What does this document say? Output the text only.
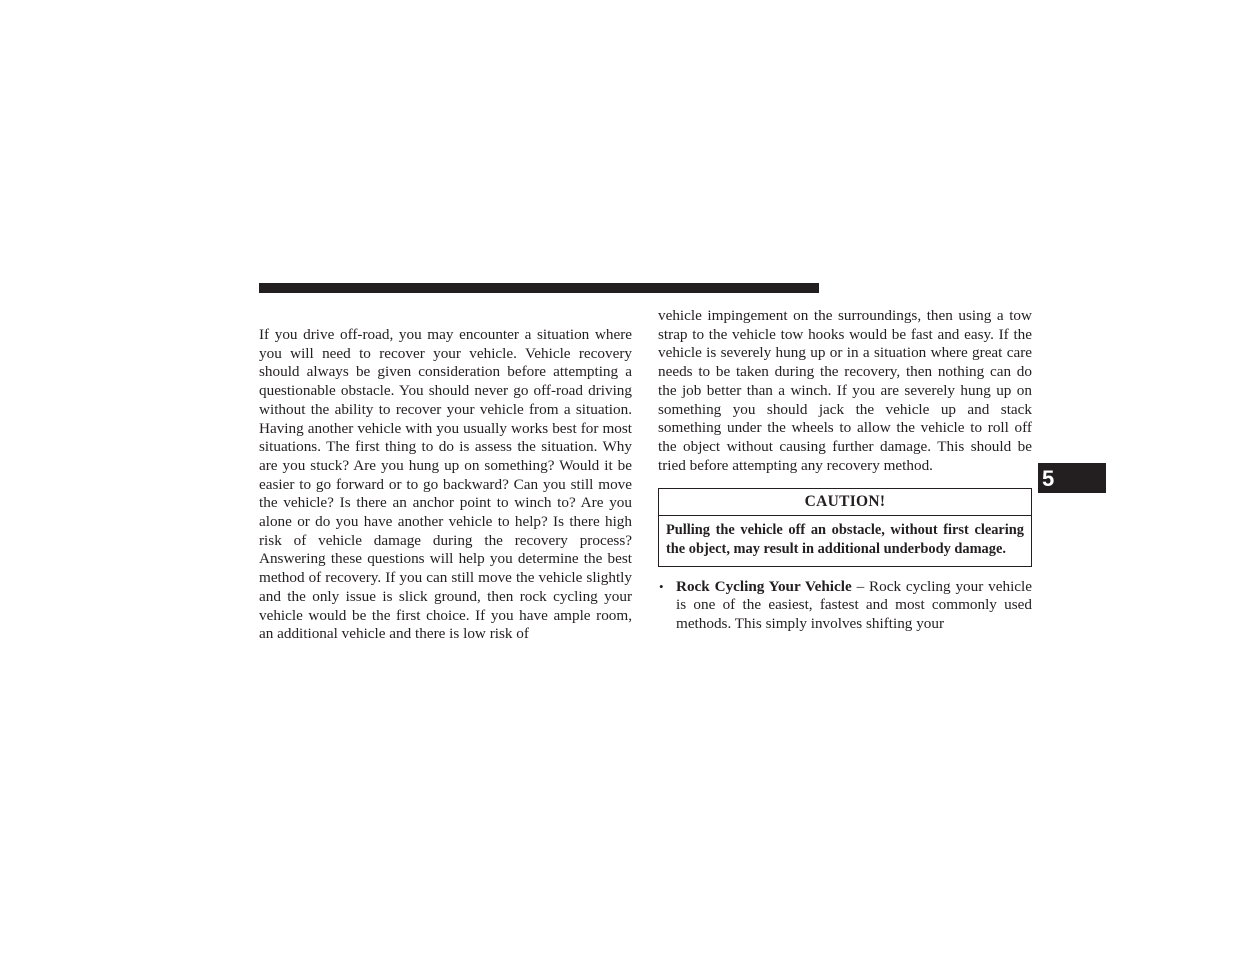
If you drive off-road, you may encounter a situation where you will need to recover your vehicle. Vehicle recovery should always be given consideration before attempting a questionable obstacle. You should never go off-road driving without the ability to recover your vehicle from a situation. Having another vehicle with you usually works best for most situations. The first thing to do is assess the situation. Why are you stuck? Are you hung up on something? Would it be easier to go forward or to go backward? Can you still move the vehicle? Is there an anchor point to winch to? Are you alone or do you have another vehicle to help? Is there high risk of vehicle damage during the recovery process? Answering these questions will help you determine the best method of recovery. If you can still move the vehicle slightly and the only issue is slick ground, then rock cycling your vehicle would be the first choice. If you have ample room, an additional vehicle and there is low risk of

vehicle impingement on the surroundings, then using a tow strap to the vehicle tow hooks would be fast and easy. If the vehicle is severely hung up or in a situation where great care needs to be taken during the recovery, then nothing can do the job better than a winch. If you are severely hung up on something you should jack the vehicle up and stack something under the wheels to allow the vehicle to roll off the object without causing further damage. This should be tried before attempting any recovery method.

CAUTION!
Pulling the vehicle off an obstacle, without first clearing the object, may result in additional underbody damage.
• Rock Cycling Your Vehicle – Rock cycling your vehicle is one of the easiest, fastest and most commonly used methods. This simply involves shifting your
5
